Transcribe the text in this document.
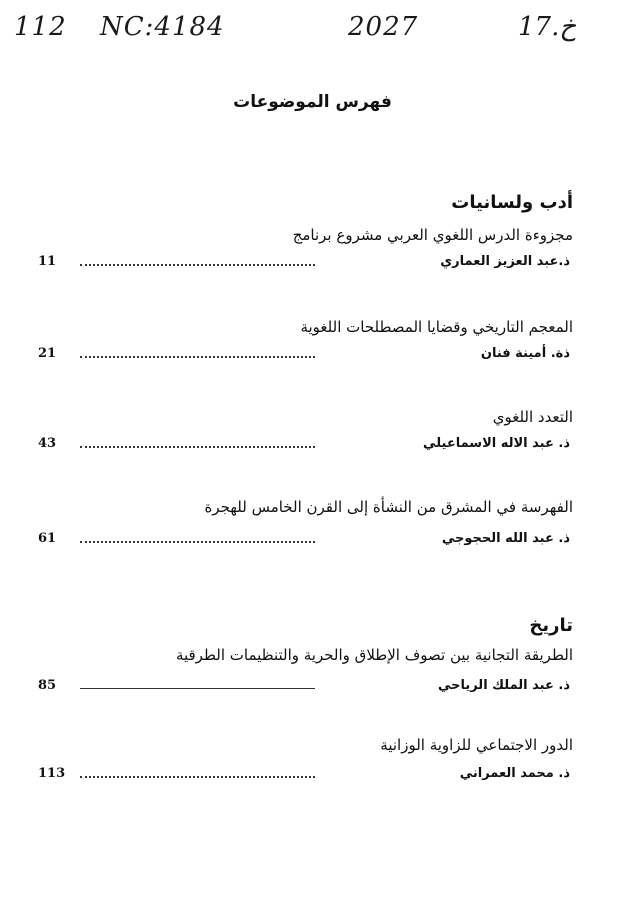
112 NC:4184	2027	17.خ
فهرس الموضوعات
أدب ولسانيات
مجزوءة الدرس اللغوي العربي مشروع برنامج
11	ذ.عبد العزيز العماري
المعجم التاريخي وقضايا المصطلحات اللغوية
21	ذة. أمينة فنان
التعدد اللغوي
43	ذ. عبد الاله الاسماعيلي
الفهرسة في المشرق من النشأة إلى القرن الخامس للهجرة
61	ذ. عبد الله الحجوجي
تاريخ
الطريقة التجانية بين تصوف الإطلاق والحرية والتنظيمات الطرقية
85	ذ. عبد الملك الرياحي
الدور الاجتماعي للزاوية الوزانية
113	ذ. محمد العمراني
